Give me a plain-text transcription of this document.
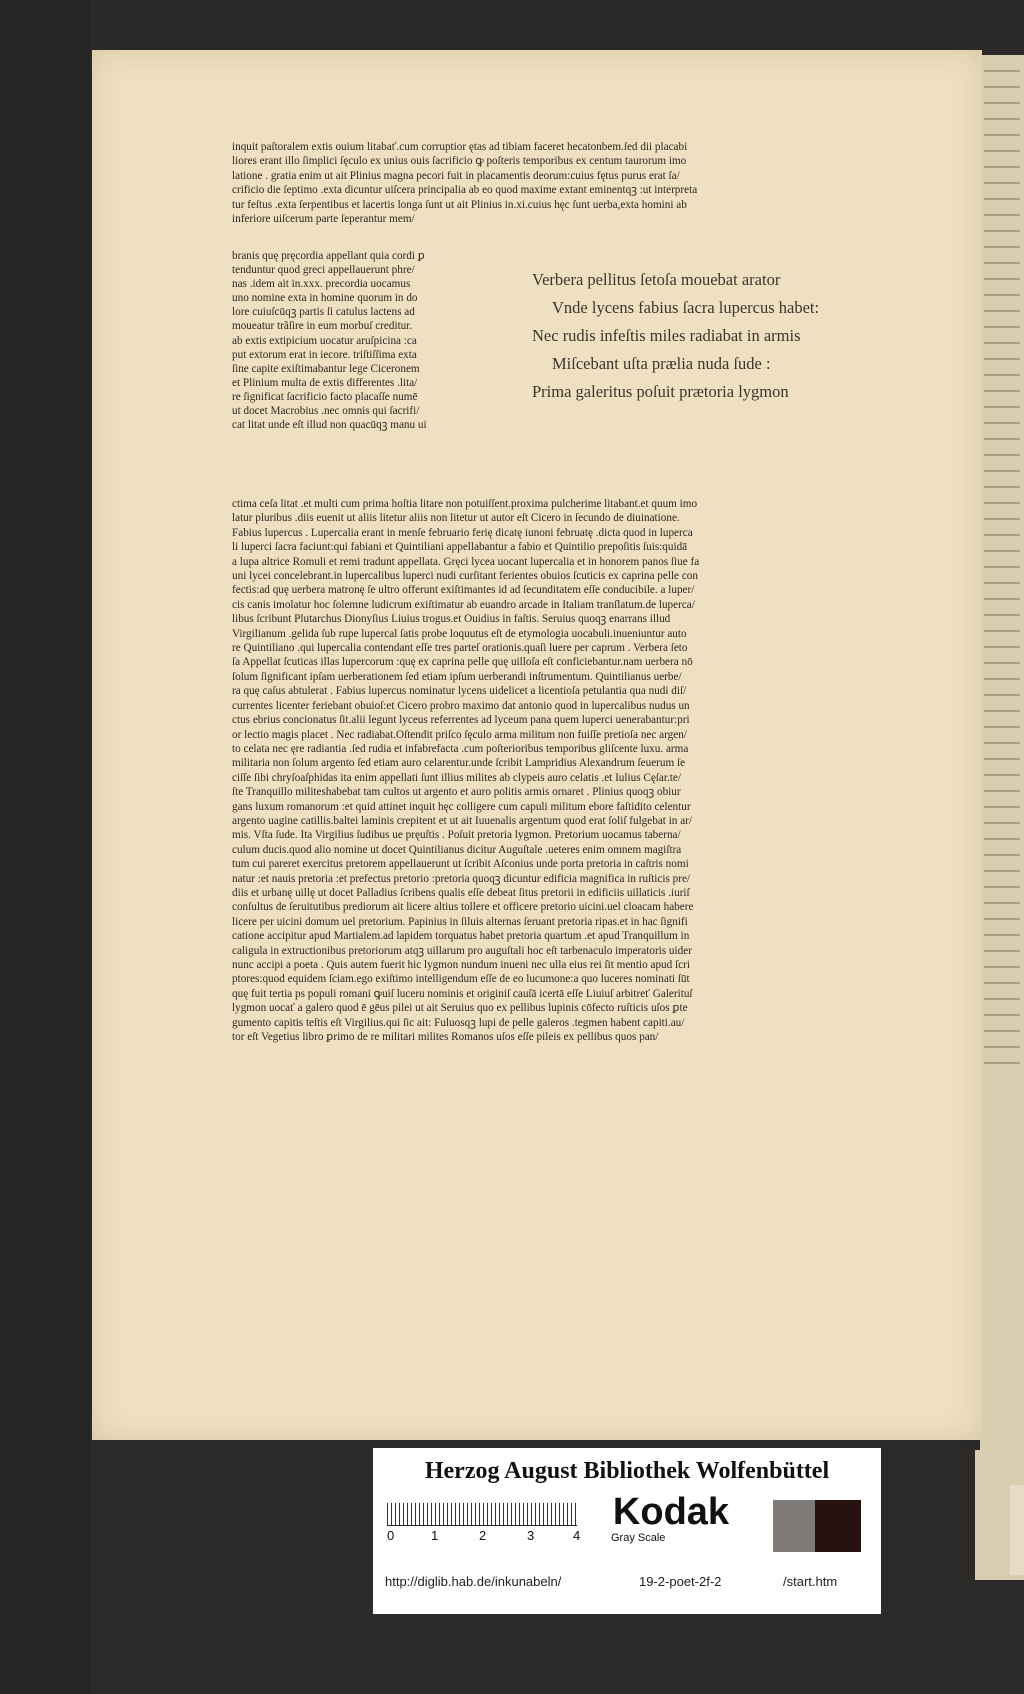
inquit paſtoralem extis ouium litabať.cum corruptior ętas ad tibiam faceret hecatonbem.ſed dii placabi
liores erant illo ſimplici ſęculo ex unius ouis ſacrificio ꝙ poſteris temporibus ex centum taurorum imo
latione . gratia enim ut ait Plinius magna pecori fuit in placamentis deorum:cuius fętus purus erat ſa/
crificio die ſeptimo .exta dicuntur uiſcera principalia ab eo quod maxime extant eminentqꝫ :ut interpreta
tur feſtus .exta ſerpentibus et lacertis longa ſunt ut ait Plinius in.xi.cuius hęc ſunt uerba,exta homini ab
inferiore uiſcerum parte ſeperantur mem/
branis quę pręcordia appellant quia cordi ꝑ
tenduntur quod greci appellauerunt phre/
nas .idem ait in.xxx. precordia uocamus
uno nomine exta in homine quorum in do
lore cuiuſcūqꝫ partis ſi catulus lactens ad
moueatur trãſire in eum morbuſ creditur.
ab extis extipicium uocatur aruſpicina :ca
put extorum erat in iecore. triſtiſſima exta
ſine capite exiſtimabantur lege Ciceronem
et Plinium multa de extis differentes .lita/
re ſignificat ſacrificio facto placaſſe numē
ut docet Macrobius .nec omnis qui ſacrifi/
cat litat unde eſt illud non quacūqꝫ manu ui
Verbera pellitus ſetoſa mouebat arator
Vnde lycens fabius ſacra lupercus habet:
Nec rudis infeſtis miles radiabat in armis
Miſcebant uſta prælia nuda ſude :
Prima galeritus poſuit prætoria lygmon
ctima ceſa litat .et multi cum prima hoſtia litare non potuiſſent.proxima pulcherime litabant.et quum imo
latur pluribus .diis euenit ut aliis litetur aliis non litetur ut autor eſt Cicero in ſecundo de diuinatione.
Fabius lupercus . Lupercalia erant in menſe februario ferię dicatę iunoni februatę .dicta quod in luperca
li luperci ſacra faciunt:qui fabiani et Quintiliani appellabantur a fabio et Quintilio prepoſitis ſuis:quidā
a lupa altrice Romuli et remi tradunt appellata. Gręci lycea uocant lupercalia et in honorem panos ſiue fa
uni lycei concelebrant.in lupercalibus luperci nudi curſitant ferientes obuios ſcuticis ex caprina pelle con
fectis:ad quę uerbera matronę ſe ultro offerunt exiſtimantes id ad ſecunditatem eſſe conducibile. a luper/
cis canis imolatur hoc ſolemne ludicrum exiſtimatur ab euandro arcade in Italiam tranſlatum.de luperca/
libus ſcribunt Plutarchus Dionyſius Liuius trogus.et Ouidius in faſtis. Seruius quoqꝫ enarrans illud
Virgilianum .gelida ſub rupe lupercal ſatis probe loquutus eſt de etymologia uocabuli.inueniuntur auto
re Quintiliano .qui lupercalia contendant eſſe tres parteſ orationis.quaſi luere per caprum . Verbera ſeto
ſa Appellat ſcuticas illas lupercorum :quę ex caprina pelle quę uilloſa eſt conficiebantur.nam uerbera nō
ſolum ſignificant ipſam uerberationem ſed etiam ipſum uerberandi inſtrumentum. Quintilianus uerbe/
ra quę caſus abtulerat . Fabius lupercus nominatur lycens uidelicet a licentioſa petulantia qua nudi diſ/
currentes licenter feriebant obuioſ:et Cicero probro maximo dat antonio quod in lupercalibus nudus un
ctus ebrius concionatus ſit.alii legunt lyceus referrentes ad lyceum pana quem luperci uenerabantur:pri
or lectio magis placet . Nec radiabat.Oſtendit priſco ſęculo arma militum non fuiſſe pretioſa nec argen/
to celata nec ęre radiantia .ſed rudia et infabrefacta .cum poſterioribus temporibus gliſcente luxu. arma
militaria non ſolum argento ſed etiam auro celarentur.unde ſcribit Lampridius Alexandrum ſeuerum ſe
ciſſe ſibi chryſoaſphidas ita enim appellati ſunt illius milites ab clypeis auro celatis .et Iulius Cęſar.te/
ſte Tranquillo militeshabebat tam cultos ut argento et auro politis armis ornaret . Plinius quoqꝫ obiur
gans luxum romanorum :et quid attinet inquit hęc colligere cum capuli militum ebore faſtidito celentur
argento uagine catillis.baltei laminis crepitent et ut ait Iuuenalis argentum quod erat ſoliſ fulgebat in ar/
mis. Vſta ſude. Ita Virgilius ſudibus ue pręuſtis . Poſuit pretoria lygmon. Pretorium uocamus taberna/
culum ducis.quod alio nomine ut docet Quintilianus dicitur Auguſtale .ueteres enim omnem magiſtra
tum cui pareret exercitus pretorem appellauerunt ut ſcribit Aſconius unde porta pretoria in caſtris nomi
natur :et nauis pretoria :et prefectus pretorio :pretoria quoqꝫ dicuntur edificia magnifica in ruſticis pre/
diis et urbanę uillę ut docet Palladius ſcribens qualis eſſe debeat ſitus pretorii in edificiis uillaticis .iuriſ
conſultus de ſeruitutibus prediorum ait licere altius tollere et officere pretorio uicini.uel cloacam habere
licere per uicini domum uel pretorium. Papinius in ſiluis alternas ſeruant pretoria ripas.et in hac ſignifi
catione accipitur apud Martialem.ad lapidem torquatus habet pretoria quartum .et apud Tranquillum in
caligula in extructionibus pretoriorum atqꝫ uillarum pro auguſtali hoc eſt tarbenaculo imperatoris uider
nunc accipi a poeta . Quis autem fuerit hic lygmon nundum inueni nec ulla eius rei ſit mentio apud ſcri
ptores:quod equidem ſciam.ego exiſtimo intelligendum eſſe de eo lucumone:a quo luceres nominati ſūt
quę fuit tertia ps populi romani ꝙuiſ luceru nominis et originiſ cauſā icertā eſſe Liuiuſ arbitreť Galerituſ
lygmon uocať a galero quod ē gēus pilei ut ait Seruius quo ex pellibus lupinis cōfecto ruſticis uſos ꝑte
gumento capitis teſtis eſt Virgilius.qui ſic ait: Fuluosqꝫ lupi de pelle galeros .tegmen habent capiti.au/
tor eſt Vegetius libro ꝑrimo de re militari milites Romanos uſos eſſe pileis ex pellibus quos pan/
Herzog August Bibliothek Wolfenbüttel
0	1	2	3	4
Kodak
Gray Scale
http://diglib.hab.de/inkunabeln/	19-2-poet-2f-2	/start.htm
